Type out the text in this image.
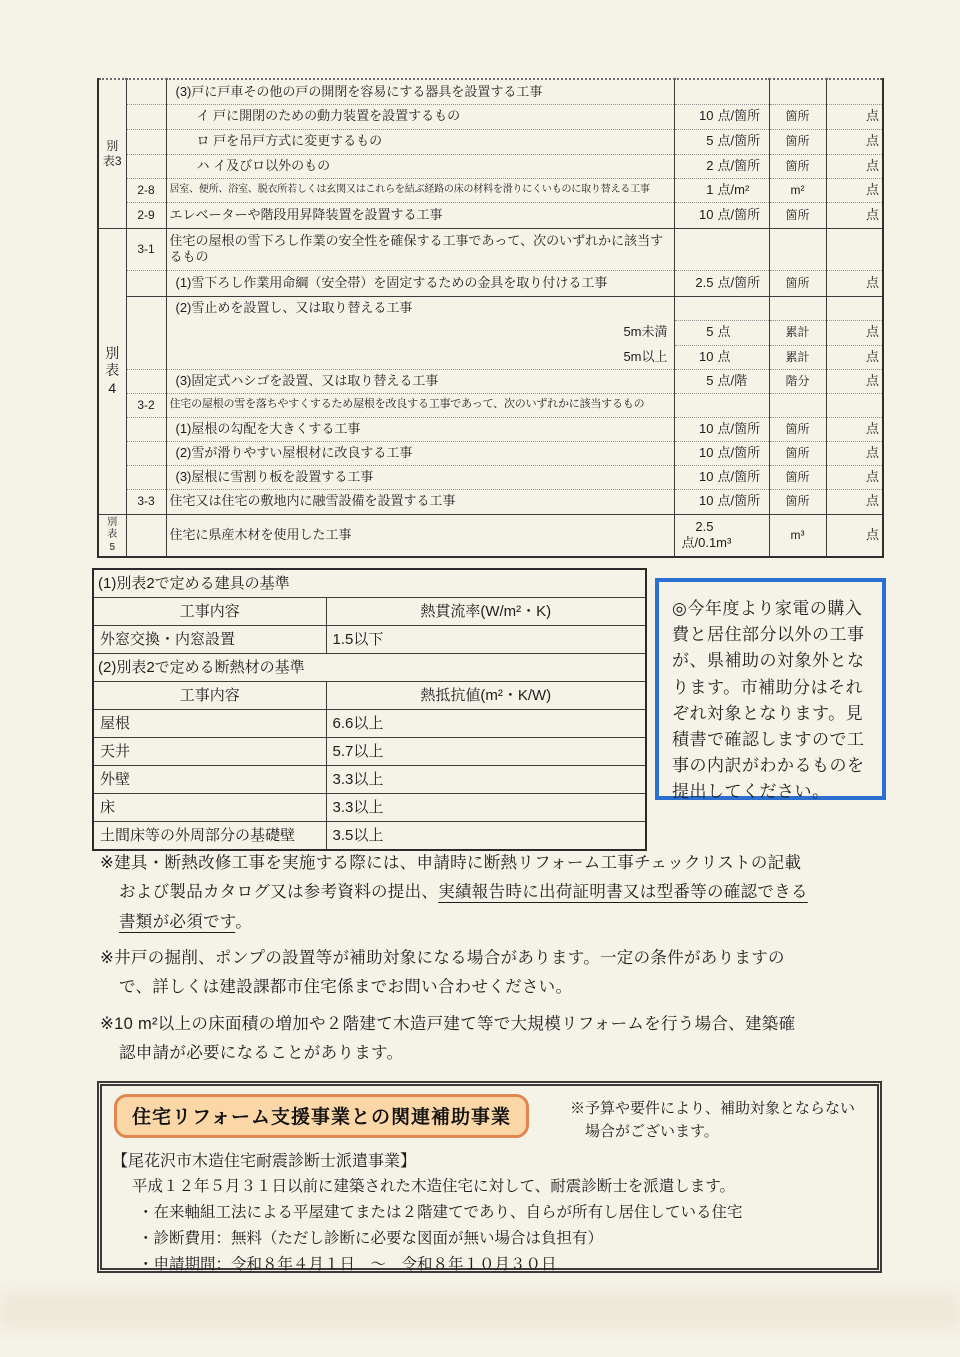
別表3		(3)戸に戸車その他の戸の開閉を容易にする器具を設置する工事			
		イ 戸に開閉のための動力装置を設置するもの	10 点/箇所	箇所	点
		ロ 戸を吊戸方式に変更するもの	5 点/箇所	箇所	点
		ハ イ及びロ以外のもの	2 点/箇所	箇所	点
	2-8	居室、便所、浴室、脱衣所若しくは玄関又はこれらを結ぶ経路の床の材料を滑りにくいものに取り替える工事	1 点/m²	m²	点
	2-9	エレベーターや階段用昇降装置を設置する工事	10 点/箇所	箇所	点
別表4	3-1	住宅の屋根の雪下ろし作業の安全性を確保する工事であって、次のいずれかに該当するもの			
		(1)雪下ろし作業用命綱（安全帯）を固定するための金具を取り付ける工事	2.5 点/箇所	箇所	点
		(2)雪止めを設置し、又は取り替える工事			
		5m未満	5 点	累計	点
		5m以上	10 点	累計	点
		(3)固定式ハシゴを設置、又は取り替える工事	5 点/階	階分	点
	3-2	住宅の屋根の雪を落ちやすくするため屋根を改良する工事であって、次のいずれかに該当するもの			
		(1)屋根の勾配を大きくする工事	10 点/箇所	箇所	点
		(2)雪が滑りやすい屋根材に改良する工事	10 点/箇所	箇所	点
		(3)屋根に雪割り板を設置する工事	10 点/箇所	箇所	点
	3-3	住宅又は住宅の敷地内に融雪設備を設置する工事	10 点/箇所	箇所	点
別表5		住宅に県産木材を使用した工事	2.5点/0.1m³	m³	点
(1)別表2で定める建具の基準	
工事内容	熱貫流率(W/m²・K)
外窓交換・内窓設置	1.5以下
(2)別表2で定める断熱材の基準	
工事内容	熱抵抗値(m²・K/W)
屋根	6.6以上
天井	5.7以上
外壁	3.3以上
床	3.3以上
土間床等の外周部分の基礎壁	3.5以上
◎今年度より家電の購入費と居住部分以外の工事が、県補助の対象外となります。市補助分はそれぞれ対象となります。見積書で確認しますので工事の内訳がわかるものを提出してください。
※建具・断熱改修工事を実施する際には、申請時に断熱リフォーム工事チェックリストの記載
および製品カタログ又は参考資料の提出、実績報告時に出荷証明書又は型番等の確認できる
書類が必須です。
※井戸の掘削、ポンプの設置等が補助対象になる場合があります。一定の条件がありますの
で、詳しくは建設課都市住宅係までお問い合わせください。
※10 m²以上の床面積の増加や２階建て木造戸建て等で大規模リフォームを行う場合、建築確
認申請が必要になることがあります。
住宅リフォーム支援事業との関連補助事業	※予算や要件により、補助対象とならない
場合がございます。
【尾花沢市木造住宅耐震診断士派遣事業】
平成１２年５月３１日以前に建築された木造住宅に対して、耐震診断士を派遣します。
・在来軸組工法による平屋建てまたは２階建てであり、自らが所有し居住している住宅
・診断費用：無料（ただし診断に必要な図面が無い場合は負担有）
・申請期間：令和８年４月１日　～　令和８年１０月３０日
